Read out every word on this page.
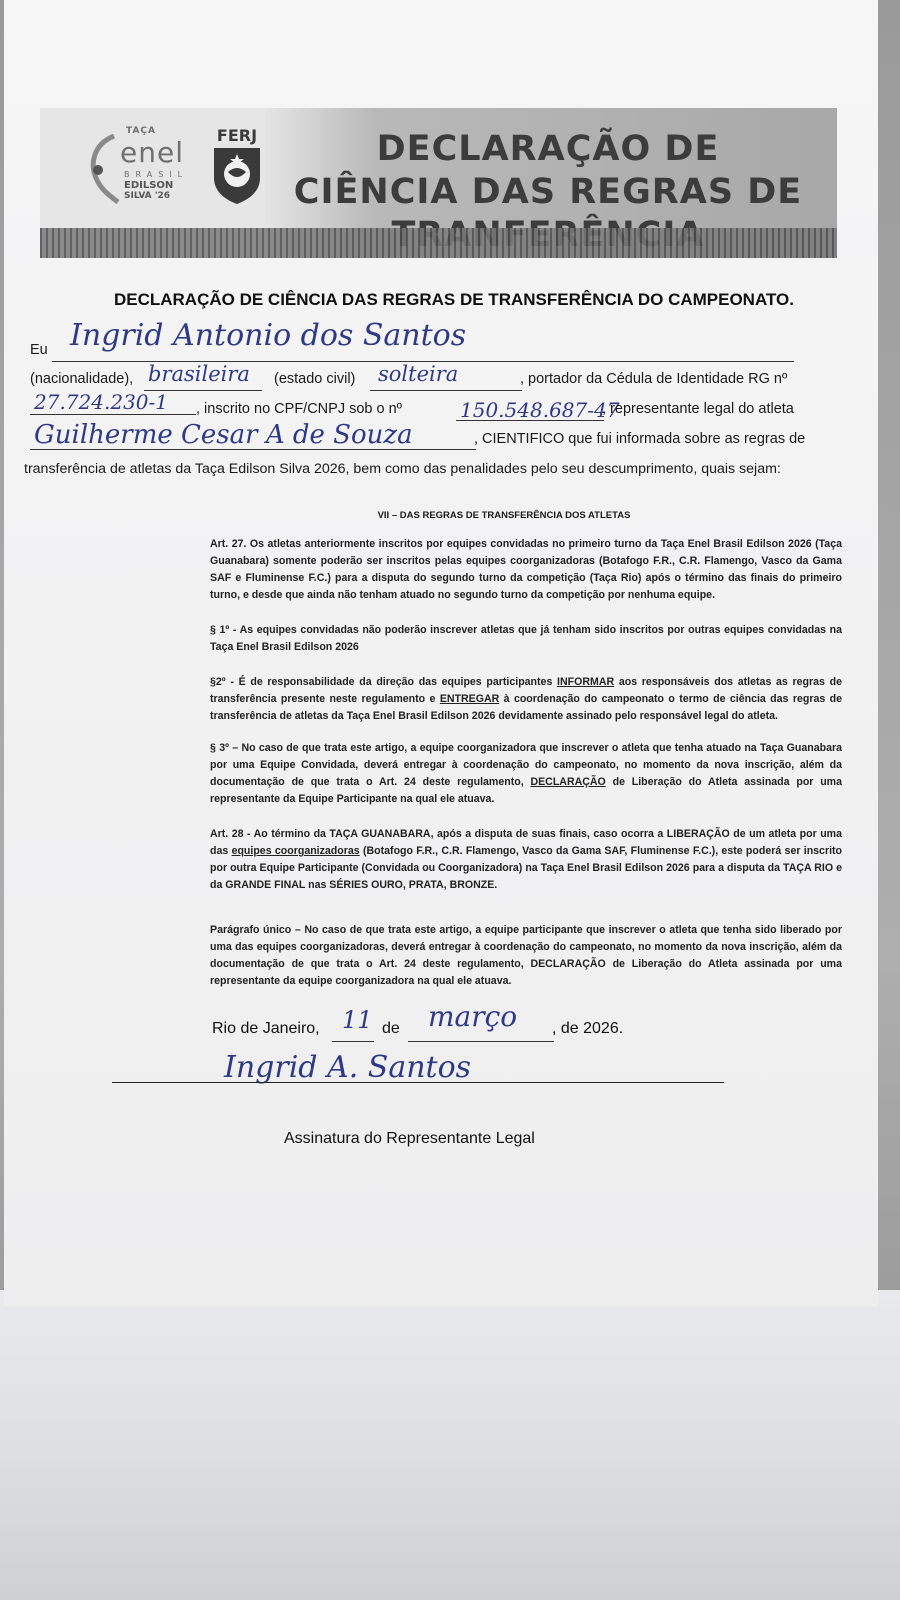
TAÇA
enel
BRASIL
EDILSON
SILVA '26
FERJ	DECLARAÇÃO DE CIÊNCIA DAS REGRAS DE
DECLARAÇÃO DE CIÊNCIA DAS REGRAS DE TRANSFERÊNCIA DO CAMPEONATO.
Eu Ingrid Antonio dos Santos
(nacionalidade), brasileira (estado civil) solteira	, portador da Cédula de Identidade RG nº
27.724.230-1 , inscrito no CPF/CNPJ sob o nº	150.548.687-47
, representante legal do atleta
Guilherme Cesar A de Souza	, CIENTIFICO que fui informada sobre as regras de
transferência de atletas da Taça Edilson Silva 2026, bem como das penalidades pelo seu descumprimento, quais sejam:
VII – DAS REGRAS DE TRANSFERÊNCIA DOS ATLETAS
Art. 27. Os atletas anteriormente inscritos por equipes convidadas no primeiro turno da Taça Enel Brasil Edilson 2026 (Taça Guanabara) somente poderão ser inscritos pelas equipes coorganizadoras (Botafogo F.R., C.R. Flamengo, Vasco da Gama SAF e Fluminense F.C.) para a disputa do segundo turno da competição (Taça Rio) após o término das finais do primeiro turno, e desde que ainda não tenham atuado no segundo turno da competição por nenhuma equipe.
§ 1º - As equipes convidadas não poderão inscrever atletas que já tenham sido inscritos por outras equipes convidadas na Taça Enel Brasil Edilson 2026
§2º - É de responsabilidade da direção das equipes participantes INFORMAR aos responsáveis dos atletas as regras de transferência presente neste regulamento e ENTREGAR à coordenação do campeonato o termo de ciência das regras de transferência de atletas da Taça Enel Brasil Edilson 2026 devidamente assinado pelo responsável legal do atleta.
§ 3º – No caso de que trata este artigo, a equipe coorganizadora que inscrever o atleta que tenha atuado na Taça Guanabara por uma Equipe Convidada, deverá entregar à coordenação do campeonato, no momento da nova inscrição, além da documentação de que trata o Art. 24 deste regulamento, DECLARAÇÃO de Liberação do Atleta assinada por uma representante da Equipe Participante na qual ele atuava.
Art. 28 - Ao término da TAÇA GUANABARA, após a disputa de suas finais, caso ocorra a LIBERAÇÃO de um atleta por uma das equipes coorganizadoras (Botafogo F.R., C.R. Flamengo, Vasco da Gama SAF, Fluminense F.C.), este poderá ser inscrito por outra Equipe Participante (Convidada ou Coorganizadora) na Taça Enel Brasil Edilson 2026 para a disputa da TAÇA RIO e da GRANDE FINAL nas SÉRIES OURO, PRATA, BRONZE.
Parágrafo único – No caso de que trata este artigo, a equipe participante que inscrever o atleta que tenha sido liberado por uma das equipes coorganizadoras, deverá entregar à coordenação do campeonato, no momento da nova inscrição, além da documentação de que trata o Art. 24 deste regulamento, DECLARAÇÃO de Liberação do Atleta assinada por uma representante da equipe coorganizadora na qual ele atuava.
Rio de Janeiro, 11 de março , de 2026.
Ingrid A. Santos
Assinatura do Representante Legal
